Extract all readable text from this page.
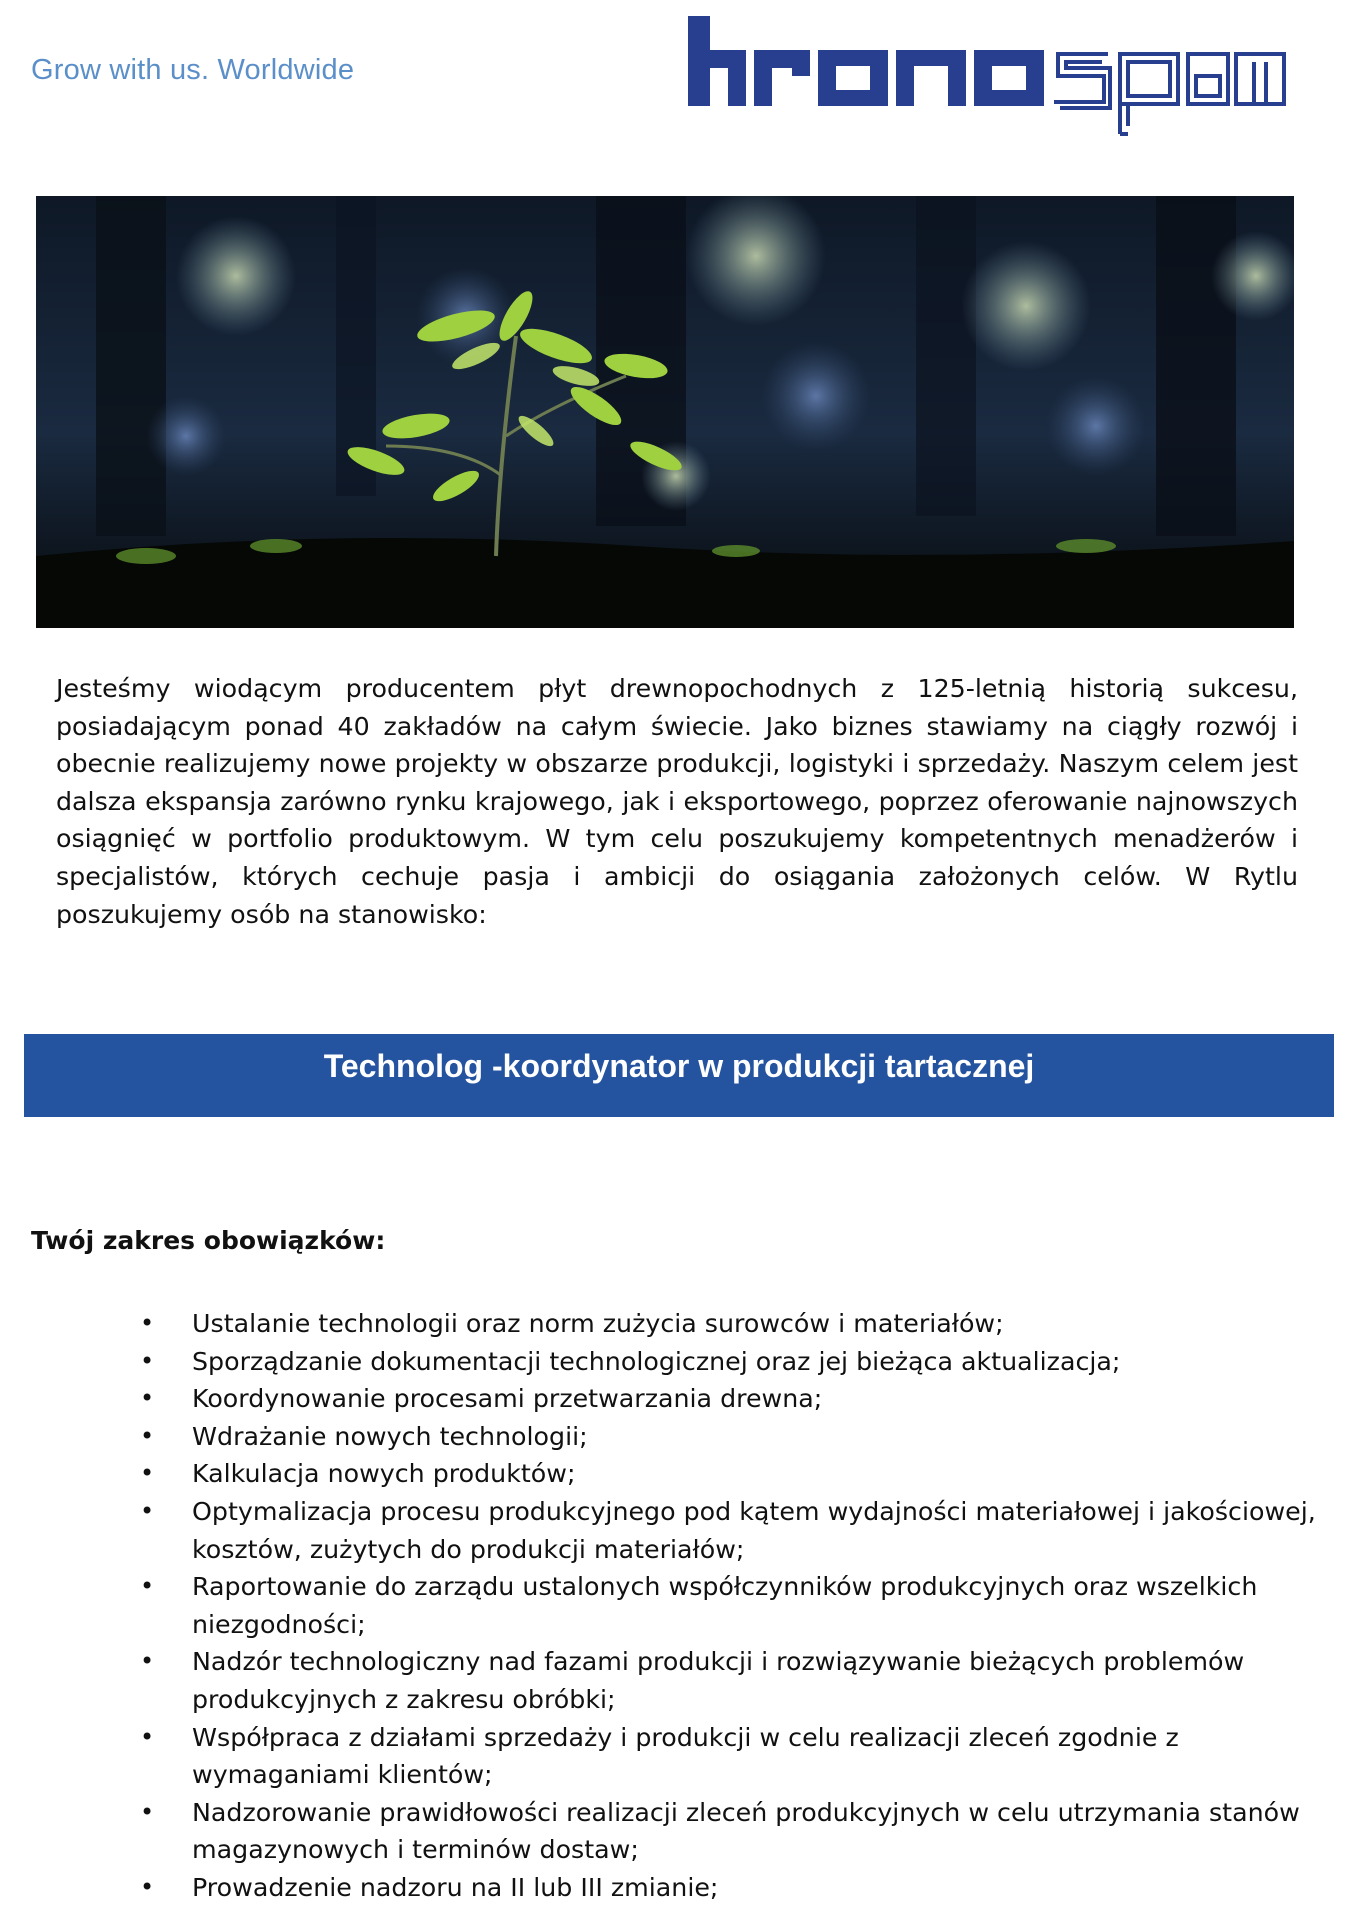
Grow with us. Worldwide
Jesteśmy wiodącym producentem płyt drewnopochodnych z 125-letnią historią sukcesu, posiadającym ponad 40 zakładów na całym świecie. Jako biznes stawiamy na ciągły rozwój i obecnie realizujemy nowe projekty w obszarze produkcji, logistyki i sprzedaży. Naszym celem jest dalsza ekspansja zarówno rynku krajowego, jak i eksportowego, poprzez oferowanie najnowszych osiągnięć w portfolio produktowym. W tym celu poszukujemy kompetentnych menadżerów i specjalistów, których cechuje pasja i ambicji do osiągania założonych celów. W Rytlu poszukujemy osób na stanowisko:
Technolog -koordynator w produkcji tartacznej
Twój zakres obowiązków:
• Ustalanie technologii oraz norm zużycia surowców i materiałów;
• Sporządzanie dokumentacji technologicznej oraz jej bieżąca aktualizacja;
• Koordynowanie procesami przetwarzania drewna;
• Wdrażanie nowych technologii;
• Kalkulacja nowych produktów;
• Optymalizacja procesu produkcyjnego pod kątem wydajności materiałowej i jakościowej, kosztów, zużytych do produkcji materiałów;
• Raportowanie do zarządu ustalonych współczynników produkcyjnych oraz wszelkich niezgodności;
• Nadzór technologiczny nad fazami produkcji i rozwiązywanie bieżących problemów produkcyjnych z zakresu obróbki;
• Współpraca z działami sprzedaży i produkcji w celu realizacji zleceń zgodnie z wymaganiami klientów;
• Nadzorowanie prawidłowości realizacji zleceń produkcyjnych w celu utrzymania stanów magazynowych i terminów dostaw;
• Prowadzenie nadzoru na II lub III zmianie;
